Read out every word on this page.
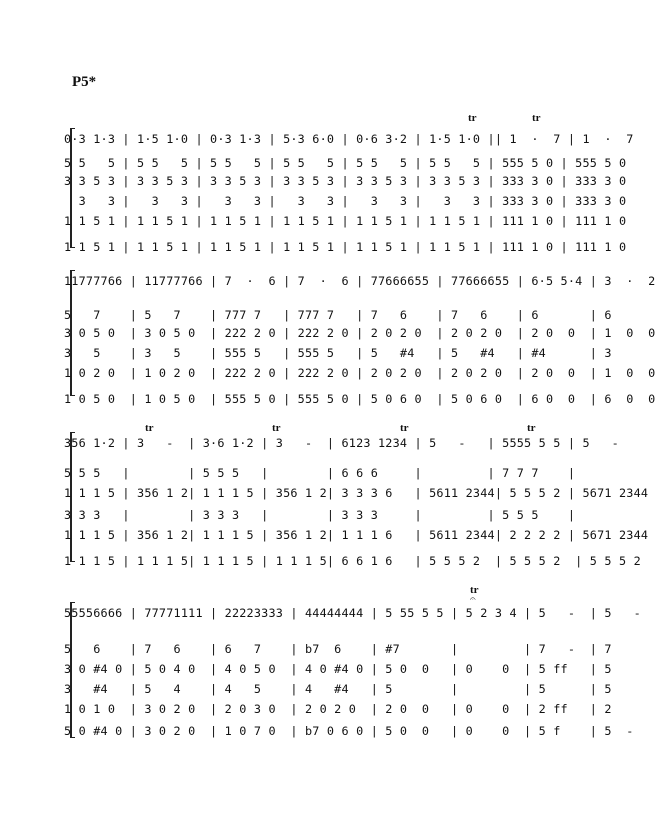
P5*
tr	tr
0·3 1·3 | 1·5 1·0 | 0·3 1·3 | 5·3 6·0 | 0·6 3·2 | 1·5 1·0 || 1  ·  7 | 1  ·  7
5 5   5 | 5 5   5 | 5 5   5 | 5 5   5 | 5 5   5 | 5 5   5 | 555 5 0 | 555 5 0
3 3 5 3 | 3 3 5 3 | 3 3 5 3 | 3 3 5 3 | 3 3 5 3 | 3 3 5 3 | 333 3 0 | 333 3 0
3   3 |   3   3 |   3   3 |   3   3 |   3   3 |   3   3 | 333 3 0 | 333 3 0
1 1 5 1 | 1 1 5 1 | 1 1 5 1 | 1 1 5 1 | 1 1 5 1 | 1 1 5 1 | 111 1 0 | 111 1 0
1 1 5 1 | 1 1 5 1 | 1 1 5 1 | 1 1 5 1 | 1 1 5 1 | 1 1 5 1 | 111 1 0 | 111 1 0
11777766 | 11777766 | 7  ·  6 | 7  ·  6 | 77666655 | 77666655 | 6·5 5·4 | 3  ·  2
5   7    | 5   7    | 777 7   | 777 7   | 7   6    | 7   6    | 6       | 6
3 0 5 0  | 3 0 5 0  | 222 2 0 | 222 2 0 | 2 0 2 0  | 2 0 2 0  | 2 0  0  | 1  0  0
3   5    | 3   5    | 555 5   | 555 5   | 5   #4   | 5   #4   | #4      | 3
1 0 2 0  | 1 0 2 0  | 222 2 0 | 222 2 0 | 2 0 2 0  | 2 0 2 0  | 2 0  0  | 1  0  0
1 0 5 0  | 1 0 5 0  | 555 5 0 | 555 5 0 | 5 0 6 0  | 5 0 6 0  | 6 0  0  | 6  0  0
tr	tr	tr	tr
356 1·2 | 3   -  | 3·6 1·2 | 3   -  | 6123 1234 | 5   -   | 5555 5 5 | 5   -
5 5 5   |        | 5 5 5   |        | 6 6 6     |         | 7 7 7    |
1 1 1 5 | 356 1 2| 1 1 1 5 | 356 1 2| 3 3 3 6   | 5611 2344| 5 5 5 2 | 5671 2344
3 3 3   |        | 3 3 3   |        | 3 3 3     |         | 5 5 5    |
1 1 1 5 | 356 1 2| 1 1 1 5 | 356 1 2| 1 1 1 6   | 5611 2344| 2 2 2 2 | 5671 2344
1 1 1 5 | 1 1 1 5| 1 1 1 5 | 1 1 1 5| 6 6 1 6   | 5 5 5 2  | 5 5 5 2  | 5 5 5 2
tr
𝄐
55556666 | 77771111 | 22223333 | 44444444 | 5 55 5 5 | 5 2 3 4 | 5   -  | 5   -
5   6    | 7   6    | 6   7    | b7  6    | #7       |         | 7   -  | 7
3 0 #4 0 | 5 0 4 0  | 4 0 5 0  | 4 0 #4 0 | 5 0  0   | 0    0  | 5 ff   | 5
3   #4   | 5   4    | 4   5    | 4   #4   | 5        |         | 5      | 5
1 0 1 0  | 3 0 2 0  | 2 0 3 0  | 2 0 2 0  | 2 0  0   | 0    0  | 2 ff   | 2
5 0 #4 0 | 3 0 2 0  | 1 0 7 0  | b7 0 6 0 | 5 0  0   | 0    0  | 5 f    | 5  -
